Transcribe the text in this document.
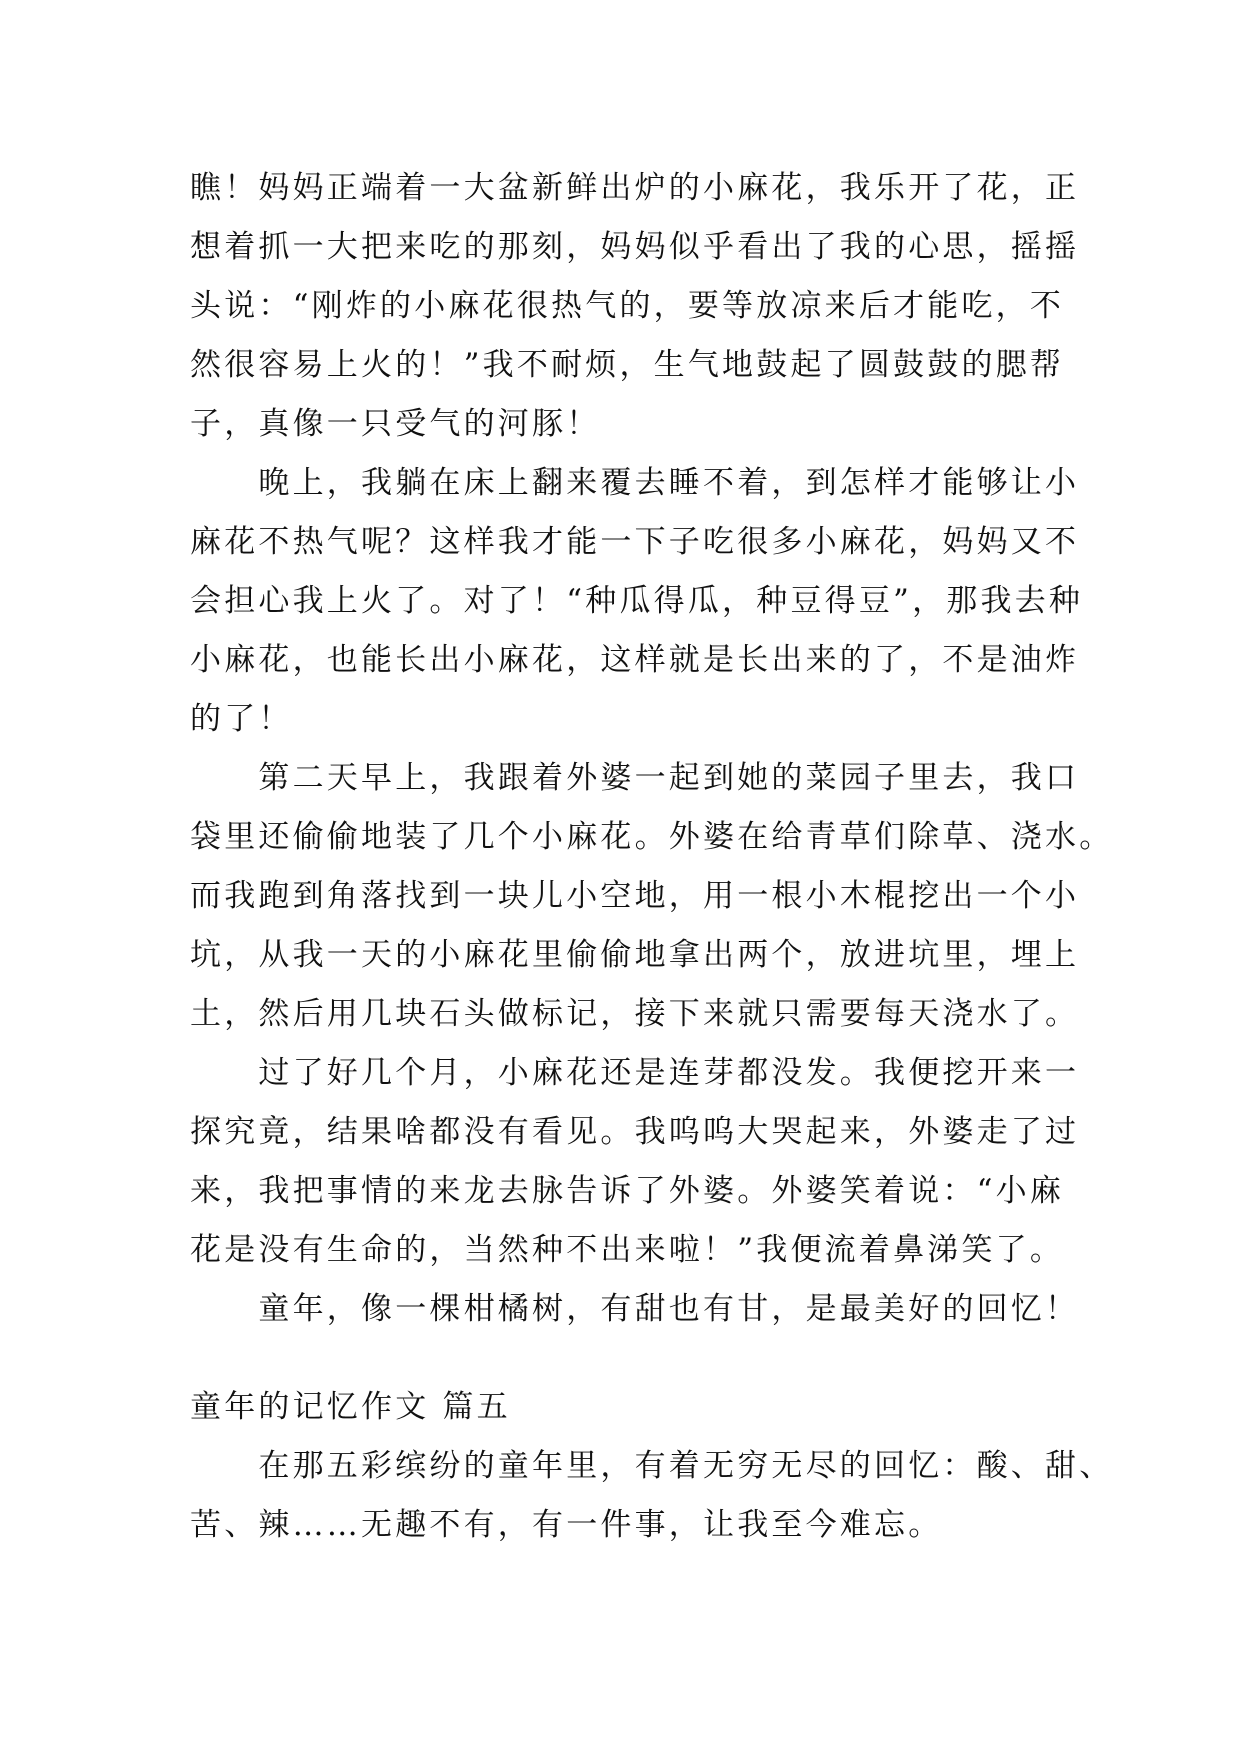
瞧！妈妈正端着一大盆新鲜出炉的小麻花，我乐开了花，正
想着抓一大把来吃的那刻，妈妈似乎看出了我的心思，摇摇
头说：“刚炸的小麻花很热气的，要等放凉来后才能吃，不
然很容易上火的！”我不耐烦，生气地鼓起了圆鼓鼓的腮帮
子，真像一只受气的河豚！
　　晚上，我躺在床上翻来覆去睡不着，到怎样才能够让小
麻花不热气呢？这样我才能一下子吃很多小麻花，妈妈又不
会担心我上火了。对了！“种瓜得瓜，种豆得豆”，那我去种
小麻花，也能长出小麻花，这样就是长出来的了，不是油炸
的了！
　　第二天早上，我跟着外婆一起到她的菜园子里去，我口
袋里还偷偷地装了几个小麻花。外婆在给青草们除草、浇水。
而我跑到角落找到一块儿小空地，用一根小木棍挖出一个小
坑，从我一天的小麻花里偷偷地拿出两个，放进坑里，埋上
土，然后用几块石头做标记，接下来就只需要每天浇水了。
　　过了好几个月，小麻花还是连芽都没发。我便挖开来一
探究竟，结果啥都没有看见。我呜呜大哭起来，外婆走了过
来，我把事情的来龙去脉告诉了外婆。外婆笑着说：“小麻
花是没有生命的，当然种不出来啦！”我便流着鼻涕笑了。
　　童年，像一棵柑橘树，有甜也有甘，是最美好的回忆！
童年的记忆作文 篇五
　　在那五彩缤纷的童年里，有着无穷无尽的回忆：酸、甜、
苦、辣……无趣不有，有一件事，让我至今难忘。
